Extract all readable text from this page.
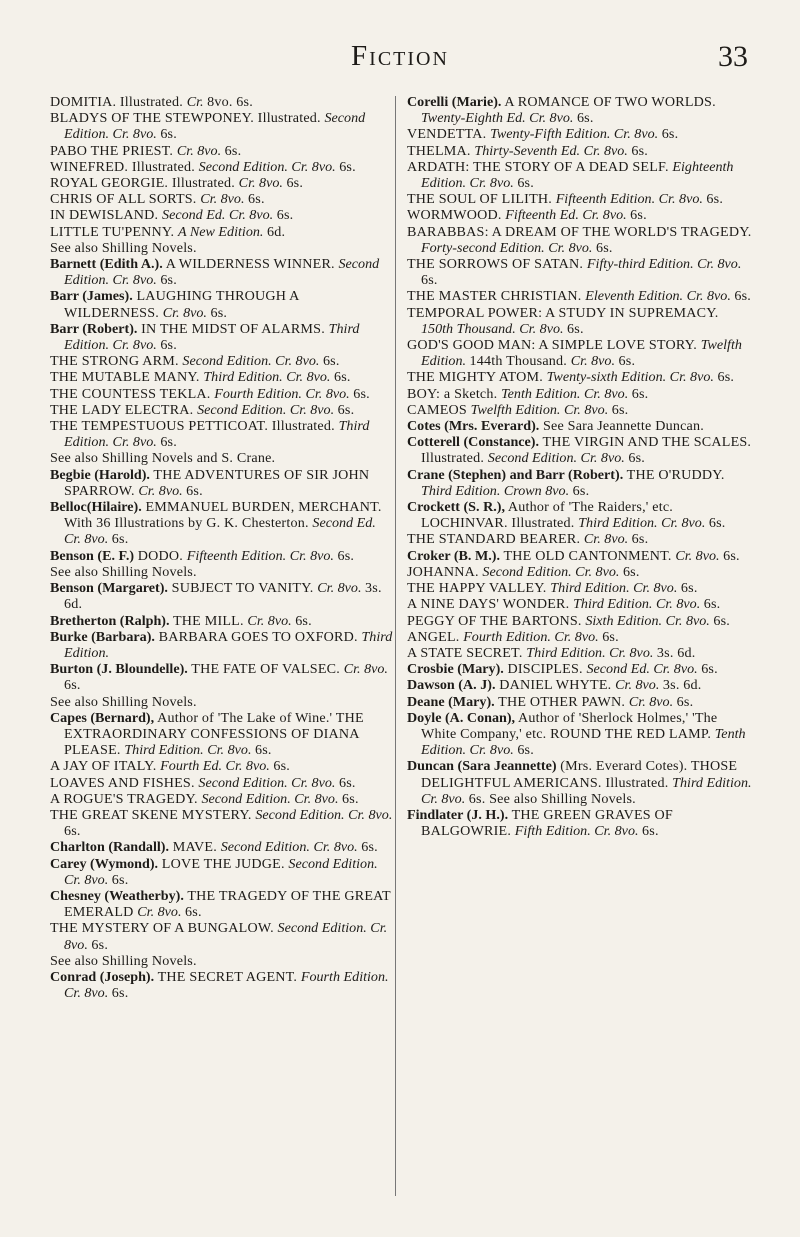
Fiction	33
DOMITIA. Illustrated. Cr. 8vo. 6s.
BLADYS OF THE STEWPONEY. Illustrated. Second Edition. Cr. 8vo. 6s.
PABO THE PRIEST. Cr. 8vo. 6s.
WINEFRED. Illustrated. Second Edition. Cr. 8vo. 6s.
ROYAL GEORGIE. Illustrated. Cr. 8vo. 6s.
CHRIS OF ALL SORTS. Cr. 8vo. 6s.
IN DEWISLAND. Second Ed. Cr. 8vo. 6s.
LITTLE TU'PENNY. A New Edition. 6d.
See also Shilling Novels.
Barnett (Edith A.). A WILDERNESS WINNER. Second Edition. Cr. 8vo. 6s.
Barr (James). LAUGHING THROUGH A WILDERNESS. Cr. 8vo. 6s.
Barr (Robert). IN THE MIDST OF ALARMS. Third Edition. Cr. 8vo. 6s.
THE STRONG ARM. Second Edition. Cr. 8vo. 6s.
THE MUTABLE MANY. Third Edition. Cr. 8vo. 6s.
THE COUNTESS TEKLA. Fourth Edition. Cr. 8vo. 6s.
THE LADY ELECTRA. Second Edition. Cr. 8vo. 6s.
THE TEMPESTUOUS PETTICOAT. Illustrated. Third Edition. Cr. 8vo. 6s.
See also Shilling Novels and S. Crane.
Begbie (Harold). THE ADVENTURES OF SIR JOHN SPARROW. Cr. 8vo. 6s.
Belloc(Hilaire). EMMANUEL BURDEN, MERCHANT. With 36 Illustrations by G. K. Chesterton. Second Ed. Cr. 8vo. 6s.
Benson (E. F.) DODO. Fifteenth Edition. Cr. 8vo. 6s.
See also Shilling Novels.
Benson (Margaret). SUBJECT TO VANITY. Cr. 8vo. 3s. 6d.
Bretherton (Ralph). THE MILL. Cr. 8vo. 6s.
Burke (Barbara). BARBARA GOES TO OXFORD. Third Edition.
Burton (J. Bloundelle). THE FATE OF VALSEC. Cr. 8vo. 6s.
See also Shilling Novels.
Capes (Bernard), Author of 'The Lake of Wine.' THE EXTRAORDINARY CONFESSIONS OF DIANA PLEASE. Third Edition. Cr. 8vo. 6s.
A JAY OF ITALY. Fourth Ed. Cr. 8vo. 6s.
LOAVES AND FISHES. Second Edition. Cr. 8vo. 6s.
A ROGUE'S TRAGEDY. Second Edition. Cr. 8vo. 6s.
THE GREAT SKENE MYSTERY. Second Edition. Cr. 8vo. 6s.
Charlton (Randall). MAVE. Second Edition. Cr. 8vo. 6s.
Carey (Wymond). LOVE THE JUDGE. Second Edition. Cr. 8vo. 6s.
Chesney (Weatherby). THE TRAGEDY OF THE GREAT EMERALD Cr. 8vo. 6s.
THE MYSTERY OF A BUNGALOW. Second Edition. Cr. 8vo. 6s.
See also Shilling Novels.
Conrad (Joseph). THE SECRET AGENT. Fourth Edition. Cr. 8vo. 6s.
Corelli (Marie). A ROMANCE OF TWO WORLDS. Twenty-Eighth Ed. Cr. 8vo. 6s.
VENDETTA. Twenty-Fifth Edition. Cr. 8vo. 6s.
THELMA. Thirty-Seventh Ed. Cr. 8vo. 6s.
ARDATH: THE STORY OF A DEAD SELF. Eighteenth Edition. Cr. 8vo. 6s.
THE SOUL OF LILITH. Fifteenth Edition. Cr. 8vo. 6s.
WORMWOOD. Fifteenth Ed. Cr. 8vo. 6s.
BARABBAS: A DREAM OF THE WORLD'S TRAGEDY. Forty-second Edition. Cr. 8vo. 6s.
THE SORROWS OF SATAN. Fifty-third Edition. Cr. 8vo. 6s.
THE MASTER CHRISTIAN. Eleventh Edition. Cr. 8vo. 6s.
TEMPORAL POWER: A STUDY IN SUPREMACY. 150th Thousand. Cr. 8vo. 6s.
GOD'S GOOD MAN: A SIMPLE LOVE STORY. Twelfth Edition. 144th Thousand. Cr. 8vo. 6s.
THE MIGHTY ATOM. Twenty-sixth Edition. Cr. 8vo. 6s.
BOY: a Sketch. Tenth Edition. Cr. 8vo. 6s.
CAMEOS Twelfth Edition. Cr. 8vo. 6s.
Cotes (Mrs. Everard). See Sara Jeannette Duncan.
Cotterell (Constance). THE VIRGIN AND THE SCALES. Illustrated. Second Edition. Cr. 8vo. 6s.
Crane (Stephen) and Barr (Robert). THE O'RUDDY. Third Edition. Crown 8vo. 6s.
Crockett (S. R.), Author of 'The Raiders,' etc. LOCHINVAR. Illustrated. Third Edition. Cr. 8vo. 6s.
THE STANDARD BEARER. Cr. 8vo. 6s.
Croker (B. M.). THE OLD CANTONMENT. Cr. 8vo. 6s.
JOHANNA. Second Edition. Cr. 8vo. 6s.
THE HAPPY VALLEY. Third Edition. Cr. 8vo. 6s.
A NINE DAYS' WONDER. Third Edition. Cr. 8vo. 6s.
PEGGY OF THE BARTONS. Sixth Edition. Cr. 8vo. 6s.
ANGEL. Fourth Edition. Cr. 8vo. 6s.
A STATE SECRET. Third Edition. Cr. 8vo. 3s. 6d.
Crosbie (Mary). DISCIPLES. Second Ed. Cr. 8vo. 6s.
Dawson (A. J). DANIEL WHYTE. Cr. 8vo. 3s. 6d.
Deane (Mary). THE OTHER PAWN. Cr. 8vo. 6s.
Doyle (A. Conan), Author of 'Sherlock Holmes,' 'The White Company,' etc. ROUND THE RED LAMP. Tenth Edition. Cr. 8vo. 6s.
Duncan (Sara Jeannette) (Mrs. Everard Cotes). THOSE DELIGHTFUL AMERICANS. Illustrated. Third Edition. Cr. 8vo. 6s. See also Shilling Novels.
Findlater (J. H.). THE GREEN GRAVES OF BALGOWRIE. Fifth Edition. Cr. 8vo. 6s.
